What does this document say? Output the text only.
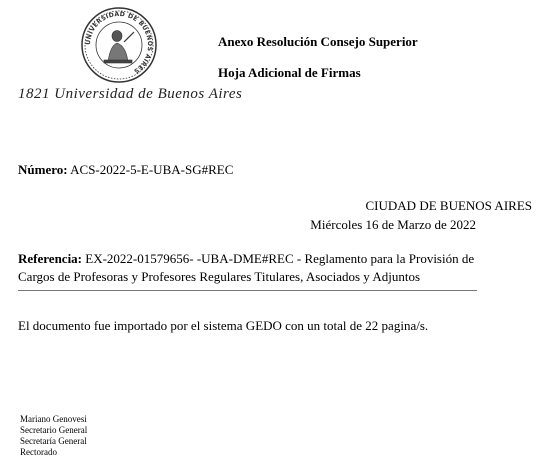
UNIVERSIDAD DE BUENOS AIRES
1821 Universidad de Buenos Aires
Anexo Resolución Consejo Superior
Hoja Adicional de Firmas
Número: ACS-2022-5-E-UBA-SG#REC
CIUDAD DE BUENOS AIRES
Miércoles 16 de Marzo de 2022
Referencia: EX-2022-01579656- -UBA-DME#REC - Reglamento para la Provisión de Cargos de Profesoras y Profesores Regulares Titulares, Asociados y Adjuntos
El documento fue importado por el sistema GEDO con un total de 22 pagina/s.
Mariano Genovesi
Secretario General
Secretaría General
Rectorado
